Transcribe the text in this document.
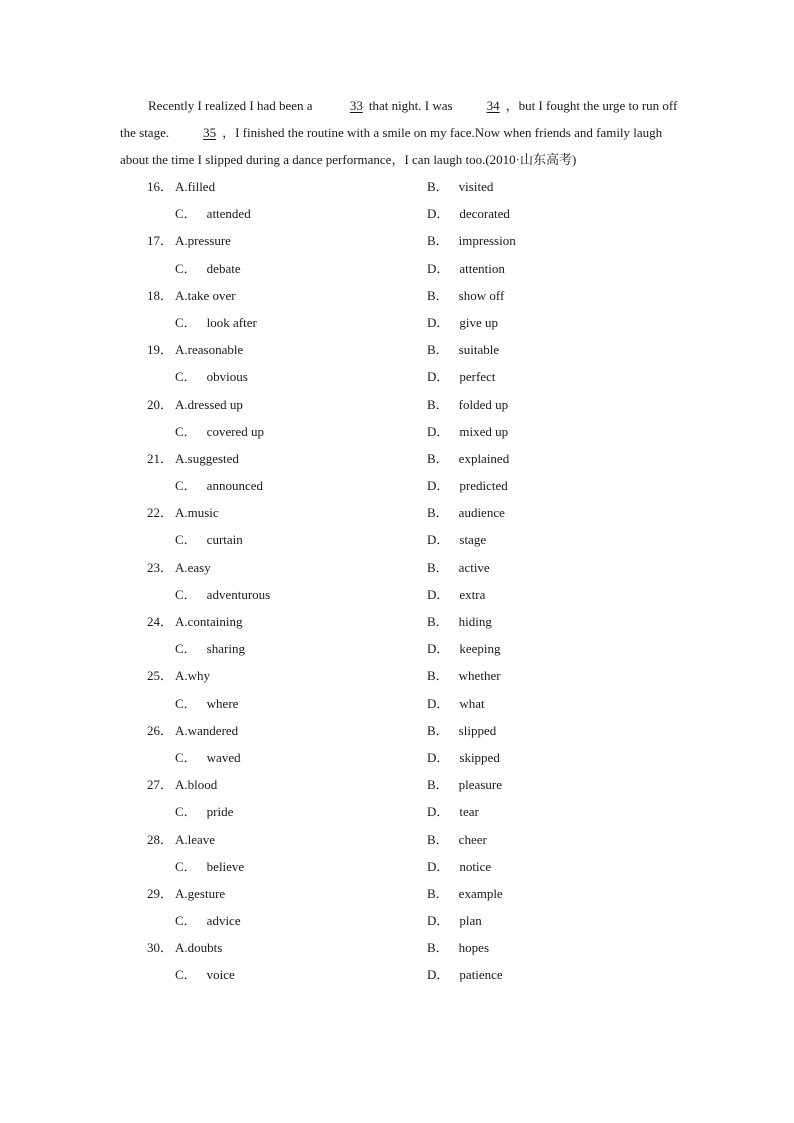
Recently I realized I had been a	33 that night. I was	34 ，but I fought the urge to run off the stage.	35 ，I finished the routine with a smile on my face.Now when friends and family laugh about the time I slipped during a dance performance，I can laugh too.(2010·山东高考)

16． A.filled	B． visited
C． attended	D． decorated
17． A.pressure	B． impression
C． debate	D． attention
18． A.take over	B． show off
C． look after	D． give up
19． A.reasonable	B． suitable
C． obvious	D． perfect
20． A.dressed up	B． folded up
C． covered up	D． mixed up
21． A.suggested	B． explained
C． announced	D． predicted
22． A.music	B． audience
C． curtain	D． stage
23． A.easy	B． active
C． adventurous	D． extra
24． A.containing	B． hiding
C． sharing	D． keeping
25． A.why	B． whether
C． where	D． what
26． A.wandered	B． slipped
C． waved	D． skipped
27． A.blood	B． pleasure
C． pride	D． tear
28． A.leave	B． cheer
C． believe	D． notice
29． A.gesture	B． example
C． advice	D． plan
30． A.doubts	B． hopes
C． voice	D． patience
